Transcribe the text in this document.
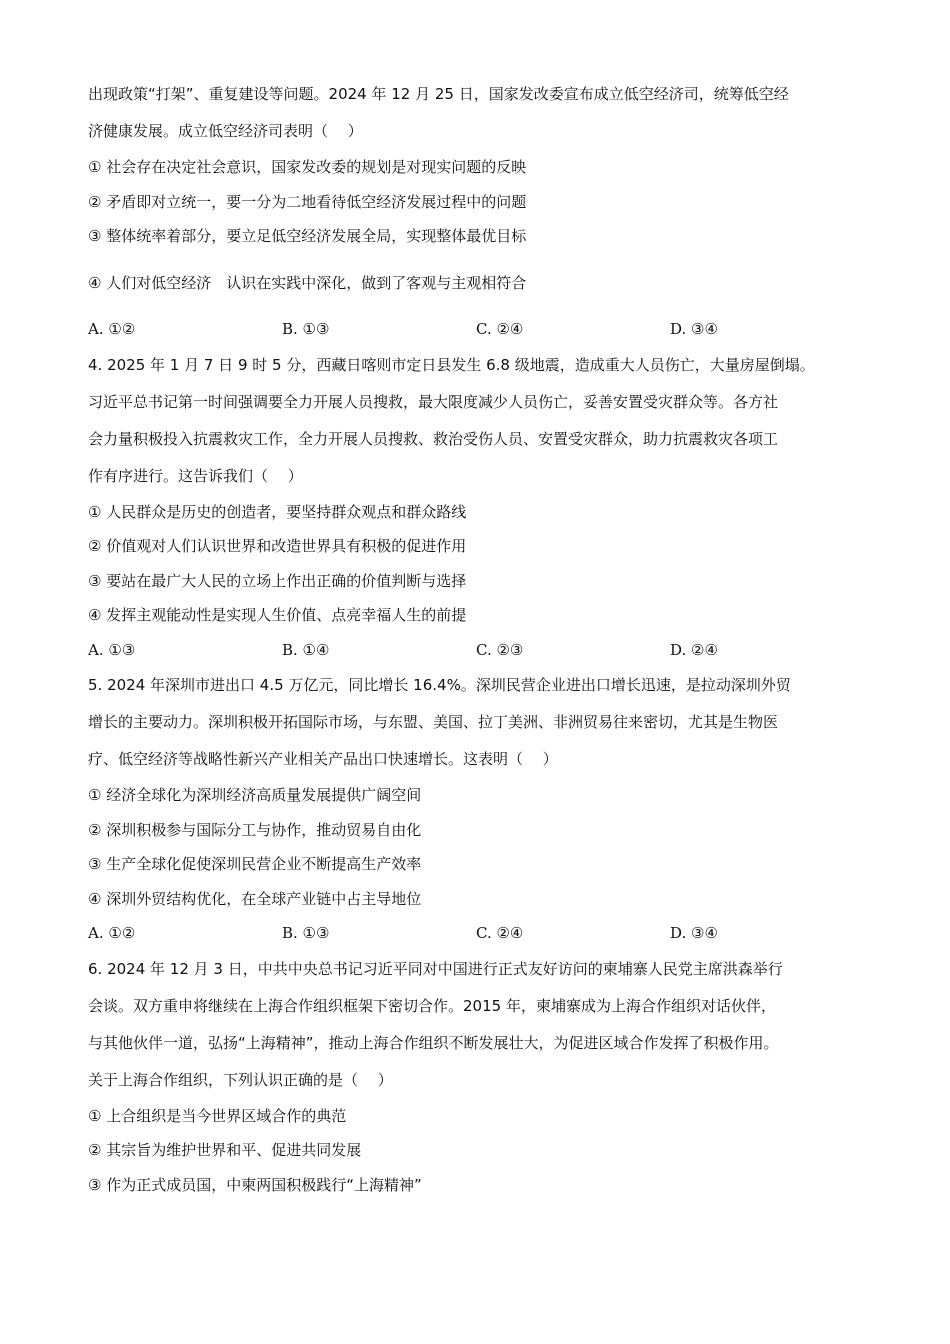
出现政策“打架”、重复建设等问题。2024 年 12 月 25 日，国家发改委宣布成立低空经济司，统筹低空经
济健康发展。成立低空经济司表明（　 ）
① 社会存在决定社会意识，国家发改委的规划是对现实问题的反映
② 矛盾即对立统一，要一分为二地看待低空经济发展过程中的问题
③ 整体统率着部分，要立足低空经济发展全局，实现整体最优目标
④ 人们对低空经济　认识在实践中深化，做到了客观与主观相符合
A. ①②	B. ①③	C. ②④	D. ③④
4. 2025 年 1 月 7 日 9 时 5 分，西藏日喀则市定日县发生 6.8 级地震，造成重大人员伤亡，大量房屋倒塌。
习近平总书记第一时间强调要全力开展人员搜救，最大限度减少人员伤亡，妥善安置受灾群众等。各方社
会力量积极投入抗震救灾工作，全力开展人员搜救、救治受伤人员、安置受灾群众，助力抗震救灾各项工
作有序进行。这告诉我们（　 ）
① 人民群众是历史的创造者，要坚持群众观点和群众路线
② 价值观对人们认识世界和改造世界具有积极的促进作用
③ 要站在最广大人民的立场上作出正确的价值判断与选择
④ 发挥主观能动性是实现人生价值、点亮幸福人生的前提
A. ①③	B. ①④	C. ②③	D. ②④
5. 2024 年深圳市进出口 4.5 万亿元，同比增长 16.4%。深圳民营企业进出口增长迅速，是拉动深圳外贸
增长的主要动力。深圳积极开拓国际市场，与东盟、美国、拉丁美洲、非洲贸易往来密切，尤其是生物医
疗、低空经济等战略性新兴产业相关产品出口快速增长。这表明（　 ）
① 经济全球化为深圳经济高质量发展提供广阔空间
② 深圳积极参与国际分工与协作，推动贸易自由化
③ 生产全球化促使深圳民营企业不断提高生产效率
④ 深圳外贸结构优化，在全球产业链中占主导地位
A. ①②	B. ①③	C. ②④	D. ③④
6. 2024 年 12 月 3 日，中共中央总书记习近平同对中国进行正式友好访问的柬埔寨人民党主席洪森举行
会谈。双方重申将继续在上海合作组织框架下密切合作。2015 年，柬埔寨成为上海合作组织对话伙伴，
与其他伙伴一道，弘扬“上海精神”，推动上海合作组织不断发展壮大，为促进区域合作发挥了积极作用。
关于上海合作组织，下列认识正确的是（　 ）
① 上合组织是当今世界区域合作的典范
② 其宗旨为维护世界和平、促进共同发展
③ 作为正式成员国，中柬两国积极践行“上海精神”
